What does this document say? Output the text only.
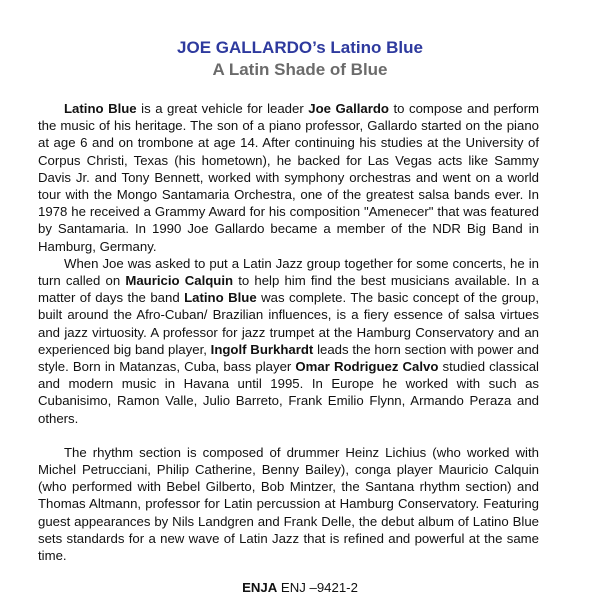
JOE GALLARDO’s Latino Blue
A Latin Shade of Blue

Latino Blue is a great vehicle for leader Joe Gallardo to compose and perform the music of his heritage. The son of a piano professor, Gallardo started on the piano at age 6 and on trombone at age 14. After continuing his studies at the University of Corpus Christi, Texas (his hometown), he backed for Las Vegas acts like Sammy Davis Jr. and Tony Bennett, worked with symphony orchestras and went on a world tour with the Mongo Santamaria Orchestra, one of the greatest salsa bands ever. In 1978 he received a Grammy Award for his composition "Amenecer" that was featured by Santamaria. In 1990 Joe Gallardo became a member of the NDR Big Band in Hamburg, Germany.

When Joe was asked to put a Latin Jazz group together for some concerts, he in turn called on Mauricio Calquin to help him find the best musicians available. In a matter of days the band Latino Blue was complete. The basic concept of the group, built around the Afro-Cuban/ Brazilian influences, is a fiery essence of salsa virtues and jazz virtuosity. A professor for jazz trumpet at the Hamburg Conservatory and an experienced big band player, Ingolf Burkhardt leads the horn section with power and style. Born in Matanzas, Cuba, bass player Omar Rodriguez Calvo studied classical and modern music in Havana until 1995. In Europe he worked with such as Cubanisimo, Ramon Valle, Julio Barreto, Frank Emilio Flynn, Armando Peraza and others.

The rhythm section is composed of drummer Heinz Lichius (who worked with Michel Petrucciani, Philip Catherine, Benny Bailey), conga player Mauricio Calquin (who performed with Bebel Gilberto, Bob Mintzer, the Santana rhythm section) and Thomas Altmann, professor for Latin percussion at Hamburg Conservatory. Featuring guest appearances by Nils Landgren and Frank Delle, the debut album of Latino Blue sets standards for a new wave of Latin Jazz that is refined and powerful at the same time.

ENJA ENJ –9421-2
